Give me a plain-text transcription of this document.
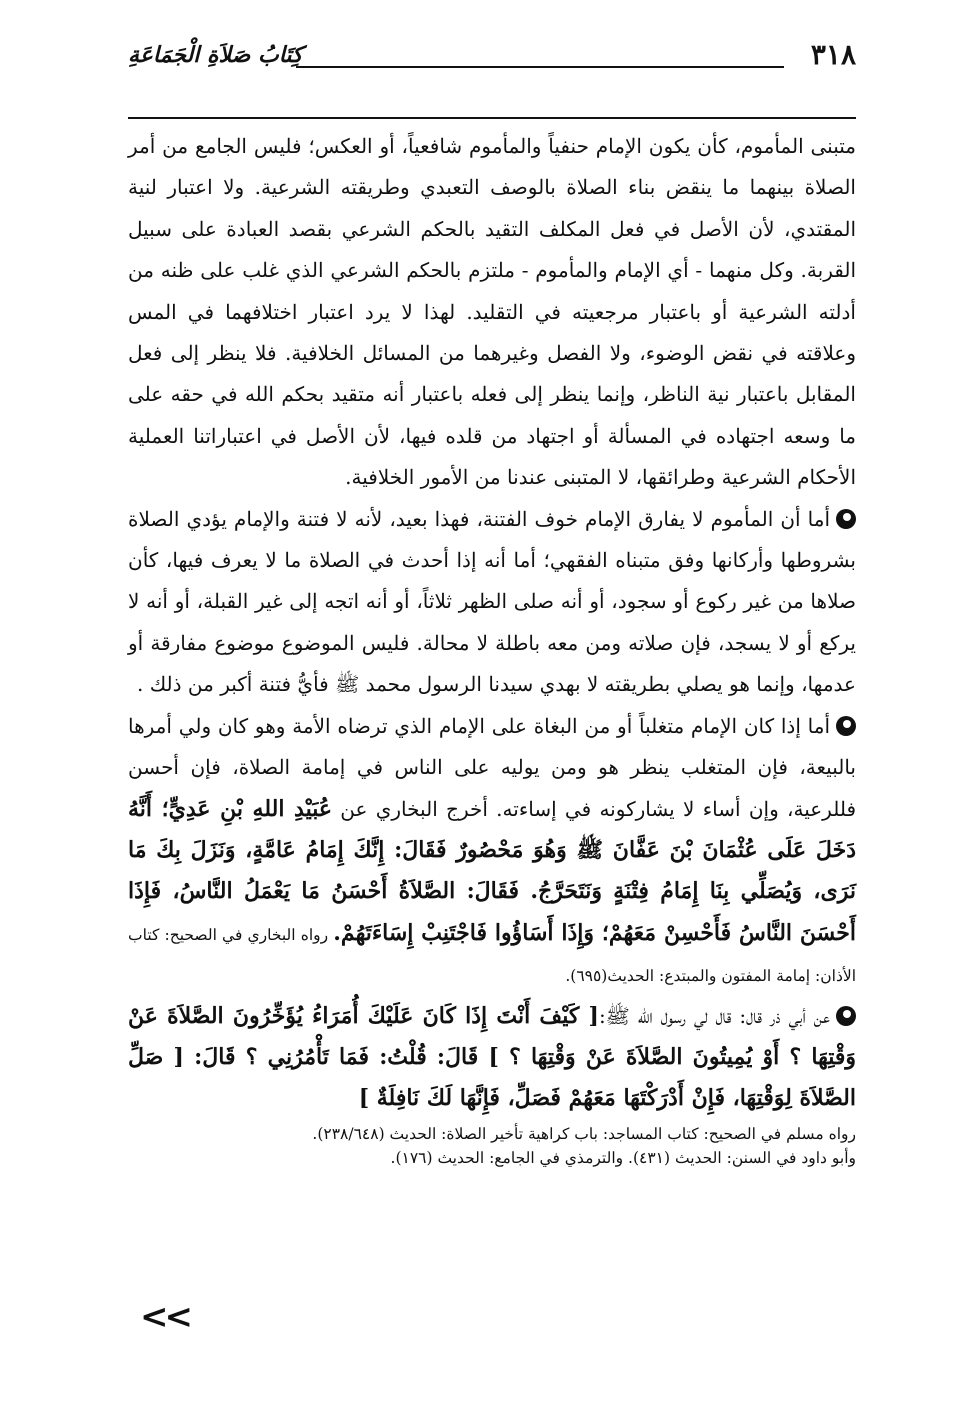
٣١٨
كِتَابُ صَلاَةِ الْجَمَاعَةِ

متبنى المأموم، كأن يكون الإمام حنفياً والمأموم شافعياً، أو العكس؛ فليس الجامع من أمر الصلاة بينهما ما ينقض بناء الصلاة بالوصف التعبدي وطريقته الشرعية. ولا اعتبار لنية المقتدي، لأن الأصل في فعل المكلف التقيد بالحكم الشرعي بقصد العبادة على سبيل القربة. وكل منهما - أي الإمام والمأموم - ملتزم بالحكم الشرعي الذي غلب على ظنه من أدلته الشرعية أو باعتبار مرجعيته في التقليد. لهذا لا يرد اعتبار اختلافهما في المس وعلاقته في نقض الوضوء، ولا الفصل وغيرهما من المسائل الخلافية. فلا ينظر إلى فعل المقابل باعتبار نية الناظر، وإنما ينظر إلى فعله باعتبار أنه متقيد بحكم الله في حقه على ما وسعه اجتهاده في المسألة أو اجتهاد من قلده فيها، لأن الأصل في اعتباراتنا العملية الأحكام الشرعية وطرائقها، لا المتبنى عندنا من الأمور الخلافية.

أما أن المأموم لا يفارق الإمام خوف الفتنة، فهذا بعيد، لأنه لا فتنة والإمام يؤدي الصلاة بشروطها وأركانها وفق متبناه الفقهي؛ أما أنه إذا أحدث في الصلاة ما لا يعرف فيها، كأن صلاها من غير ركوع أو سجود، أو أنه صلى الظهر ثلاثاً، أو أنه اتجه إلى غير القبلة، أو أنه لا يركع أو لا يسجد، فإن صلاته ومن معه باطلة لا محالة. فليس الموضوع موضوع مفارقة أو عدمها، وإنما هو يصلي بطريقته لا بهدي سيدنا الرسول محمد ﷺ فأيُّ فتنة أكبر من ذلك .

أما إذا كان الإمام متغلباً أو من البغاة على الإمام الذي ترضاه الأمة وهو كان ولي أمرها بالبيعة، فإن المتغلب ينظر هو ومن يوليه على الناس في إمامة الصلاة، فإن أحسن فللرعية، وإن أساء لا يشاركونه في إساءته. أخرج البخاري عن عُبَيْدِ اللهِ بْنِ عَدِيٍّ؛ أَنَّهُ دَخَلَ عَلَى عُثْمَانَ بْنَ عَفَّانَ ﷺ وَهُوَ مَحْصُورٌ فَقَالَ: إِنَّكَ إِمَامُ عَامَّةٍ، وَنَزَلَ بِكَ مَا نَرَى، وَيُصَلِّي بِنَا إِمَامُ فِتْنَةٍ وَنَتَحَرَّجُ. فَقَالَ: الصَّلاَةُ أَحْسَنُ مَا يَعْمَلُ النَّاسُ، فَإِذَا أَحْسَنَ النَّاسُ فَأَحْسِنْ مَعَهُمْ؛ وَإِذَا أَسَاؤُوا فَاجْتَنِبْ إِسَاءَتَهُمْ. رواه البخاري في الصحيح: كتاب الأذان: إمامة المفتون والمبتدع: الحديث(٦٩٥).

عن أبي ذر قال: قال لي رسول الله ﷺ:[ كَيْفَ أَنْتَ إِذَا كَانَ عَلَيْكَ أُمَرَاءُ يُؤَخِّرُونَ الصَّلاَةَ عَنْ وَقْتِهَا ؟ أَوْ يُمِيتُونَ الصَّلاَةَ عَنْ وَقْتِهَا ؟ ] قَالَ: قُلْتُ: فَمَا تَأْمُرُنِي ؟ قَالَ: [ صَلِّ الصَّلاَةَ لِوَقْتِهَا، فَإِنْ أَدْرَكْتَهَا مَعَهُمْ فَصَلِّ، فَإِنَّهَا لَكَ نَافِلَةٌ ]

رواه مسلم في الصحيح: كتاب المساجد: باب كراهية تأخير الصلاة: الحديث (٢٣٨/٦٤٨).

وأبو داود في السنن: الحديث (٤٣١). والترمذي في الجامع: الحديث (١٧٦).

<<
